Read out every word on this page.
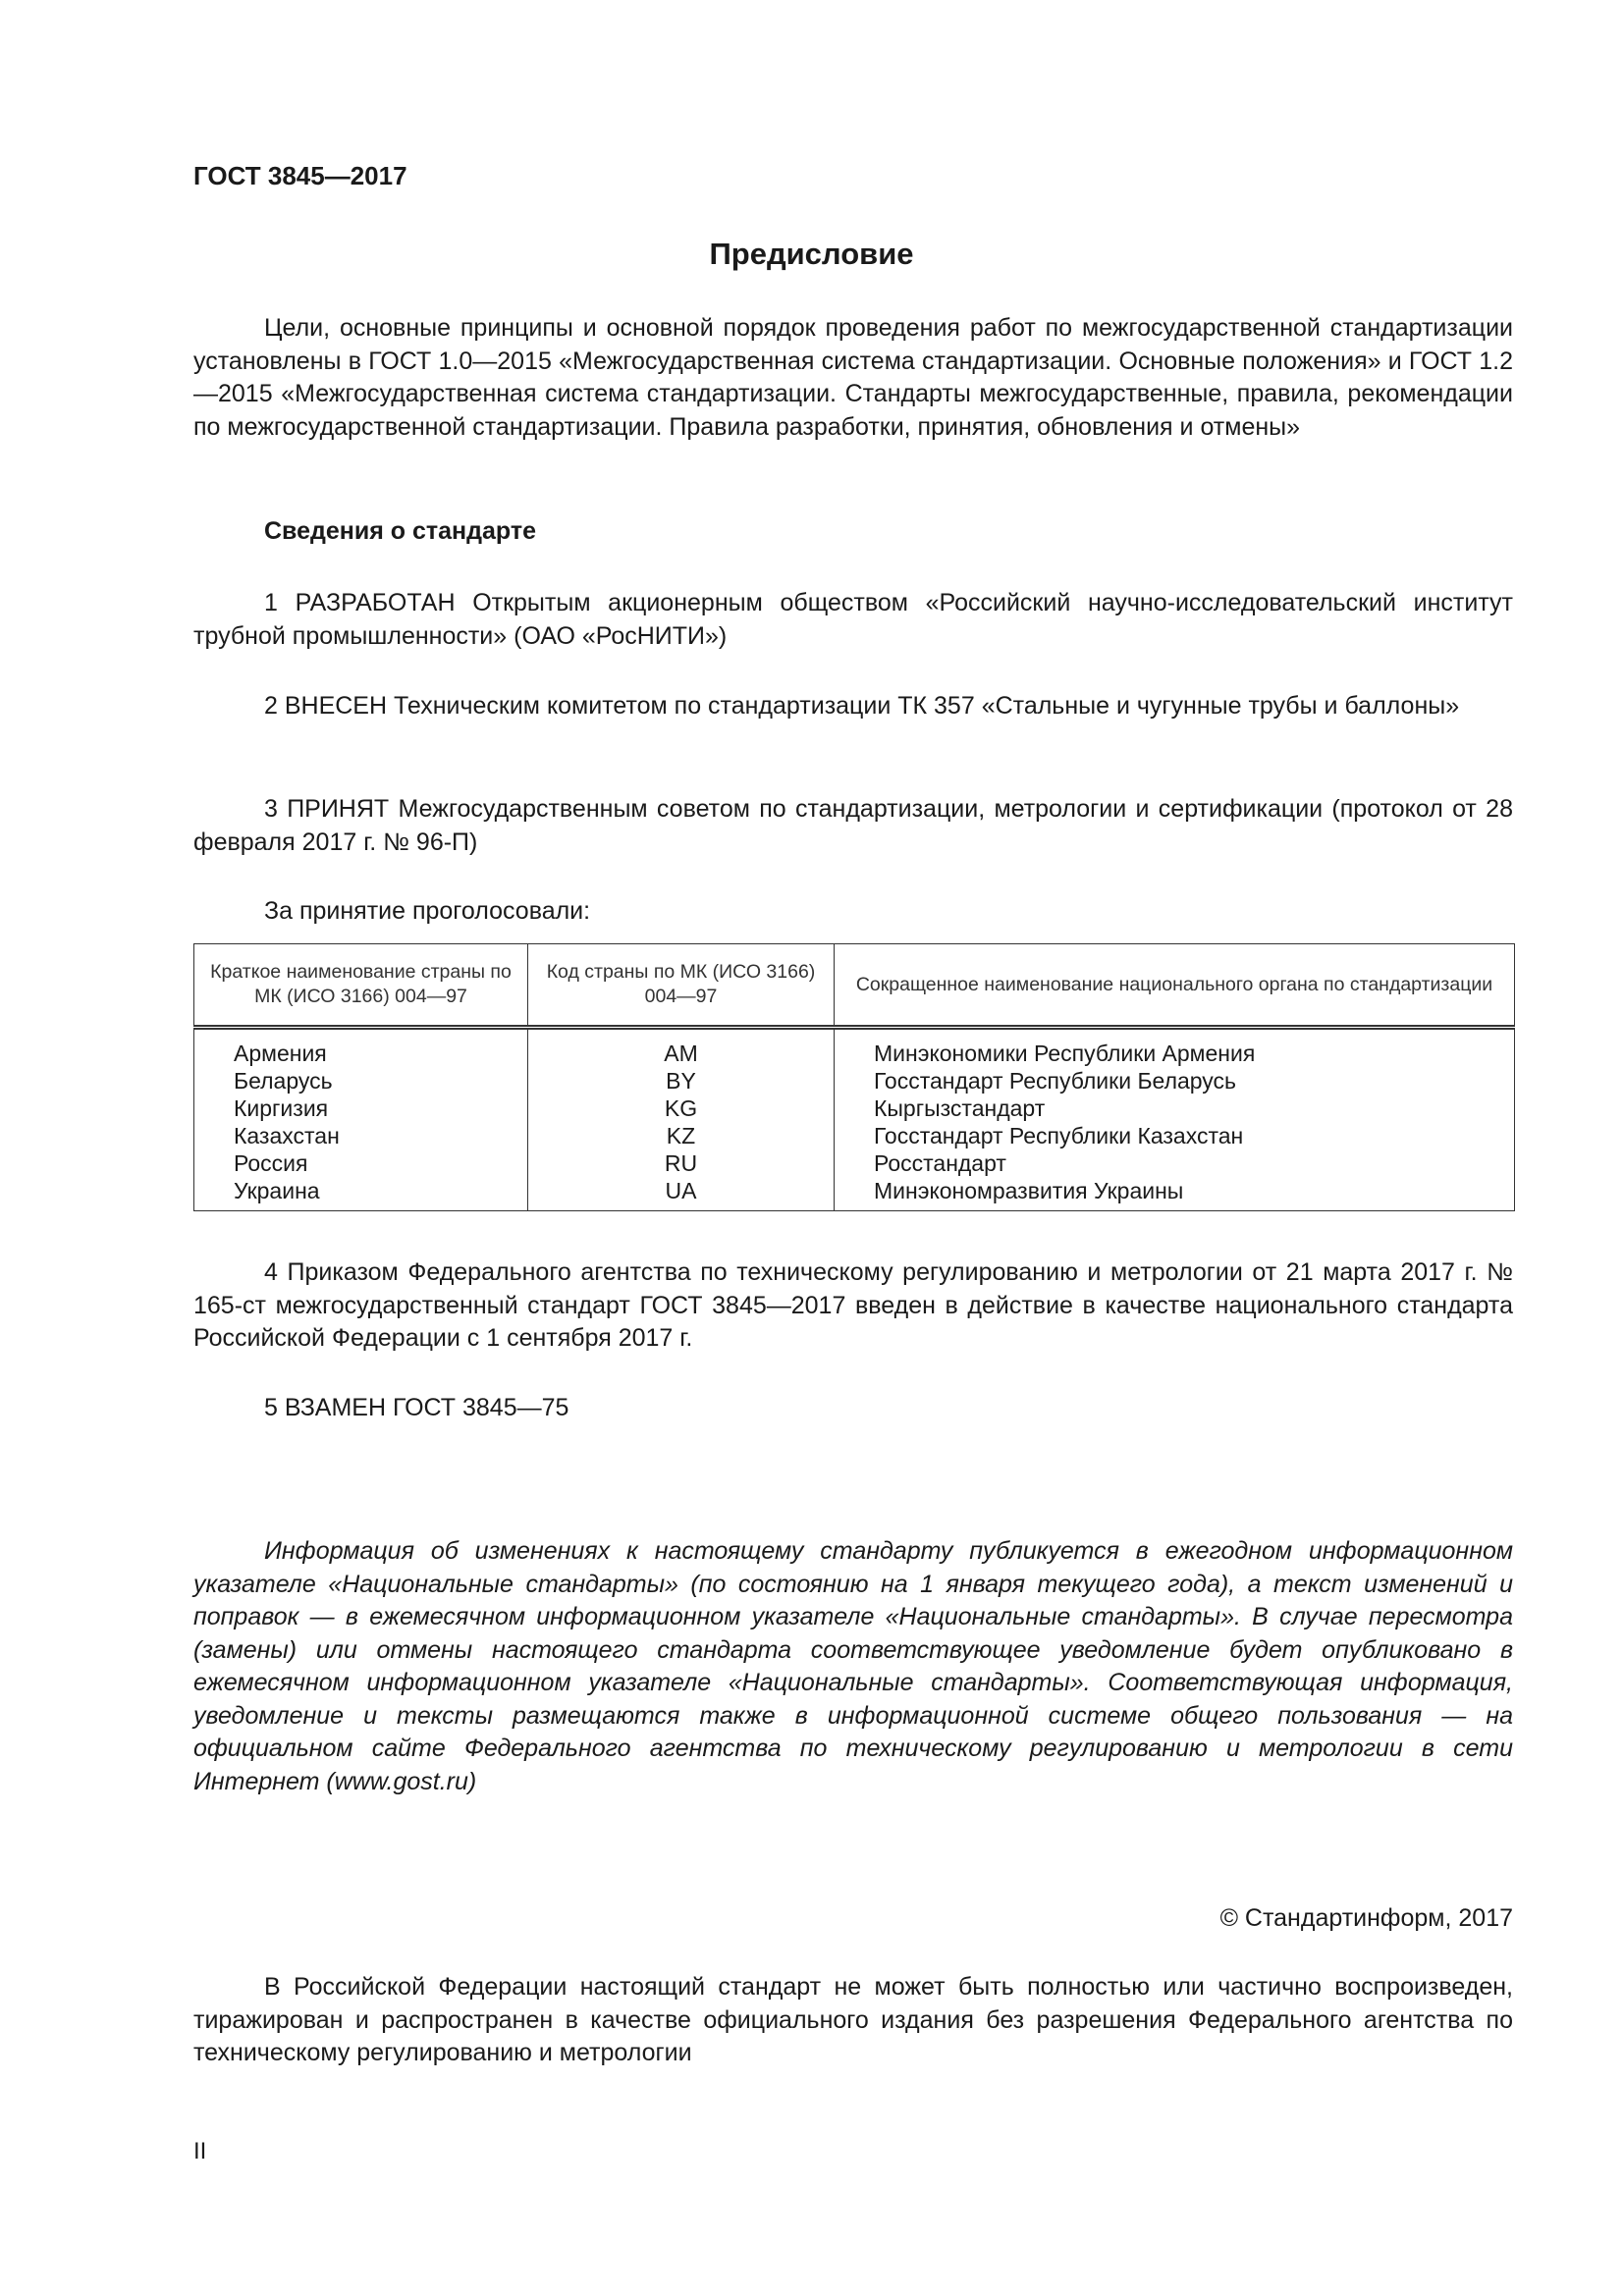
ГОСТ 3845—2017
Предисловие

Цели, основные принципы и основной порядок проведения работ по межгосударственной стандартизации установлены в ГОСТ 1.0—2015 «Межгосударственная система стандартизации. Основные положения» и ГОСТ 1.2—2015 «Межгосударственная система стандартизации. Стандарты межгосударственные, правила, рекомендации по межгосударственной стандартизации. Правила разработки, принятия, обновления и отмены»

Сведения о стандарте

1 РАЗРАБОТАН Открытым акционерным обществом «Российский научно-исследовательский институт трубной промышленности» (ОАО «РосНИТИ»)

2 ВНЕСЕН Техническим комитетом по стандартизации ТК 357 «Стальные и чугунные трубы и баллоны»

3 ПРИНЯТ Межгосударственным советом по стандартизации, метрологии и сертификации (протокол от 28 февраля 2017 г. № 96-П)

За принятие проголосовали:
Краткое наименование страны по МК (ИСО 3166) 004—97	Код страны по МК (ИСО 3166) 004—97	Сокращенное наименование национального органа по стандартизации
Армения	AM	Минэкономики Республики Армения
Беларусь	BY	Госстандарт Республики Беларусь
Киргизия	KG	Кыргызстандарт
Казахстан	KZ	Госстандарт Республики Казахстан
Россия	RU	Росстандарт
Украина	UA	Минэкономразвития Украины

4 Приказом Федерального агентства по техническому регулированию и метрологии от 21 марта 2017 г. № 165-ст межгосударственный стандарт ГОСТ 3845—2017 введен в действие в качестве национального стандарта Российской Федерации с 1 сентября 2017 г.

5 ВЗАМЕН ГОСТ 3845—75

Информация об изменениях к настоящему стандарту публикуется в ежегодном информационном указателе «Национальные стандарты» (по состоянию на 1 января текущего года), а текст изменений и поправок — в ежемесячном информационном указателе «Национальные стандарты». В случае пересмотра (замены) или отмены настоящего стандарта соответствующее уведомление будет опубликовано в ежемесячном информационном указателе «Национальные стандарты». Соответствующая информация, уведомление и тексты размещаются также в информационной системе общего пользования — на официальном сайте Федерального агентства по техническому регулированию и метрологии в сети Интернет (www.gost.ru)

© Стандартинформ, 2017

В Российской Федерации настоящий стандарт не может быть полностью или частично воспроизведен, тиражирован и распространен в качестве официального издания без разрешения Федерального агентства по техническому регулированию и метрологии

II
